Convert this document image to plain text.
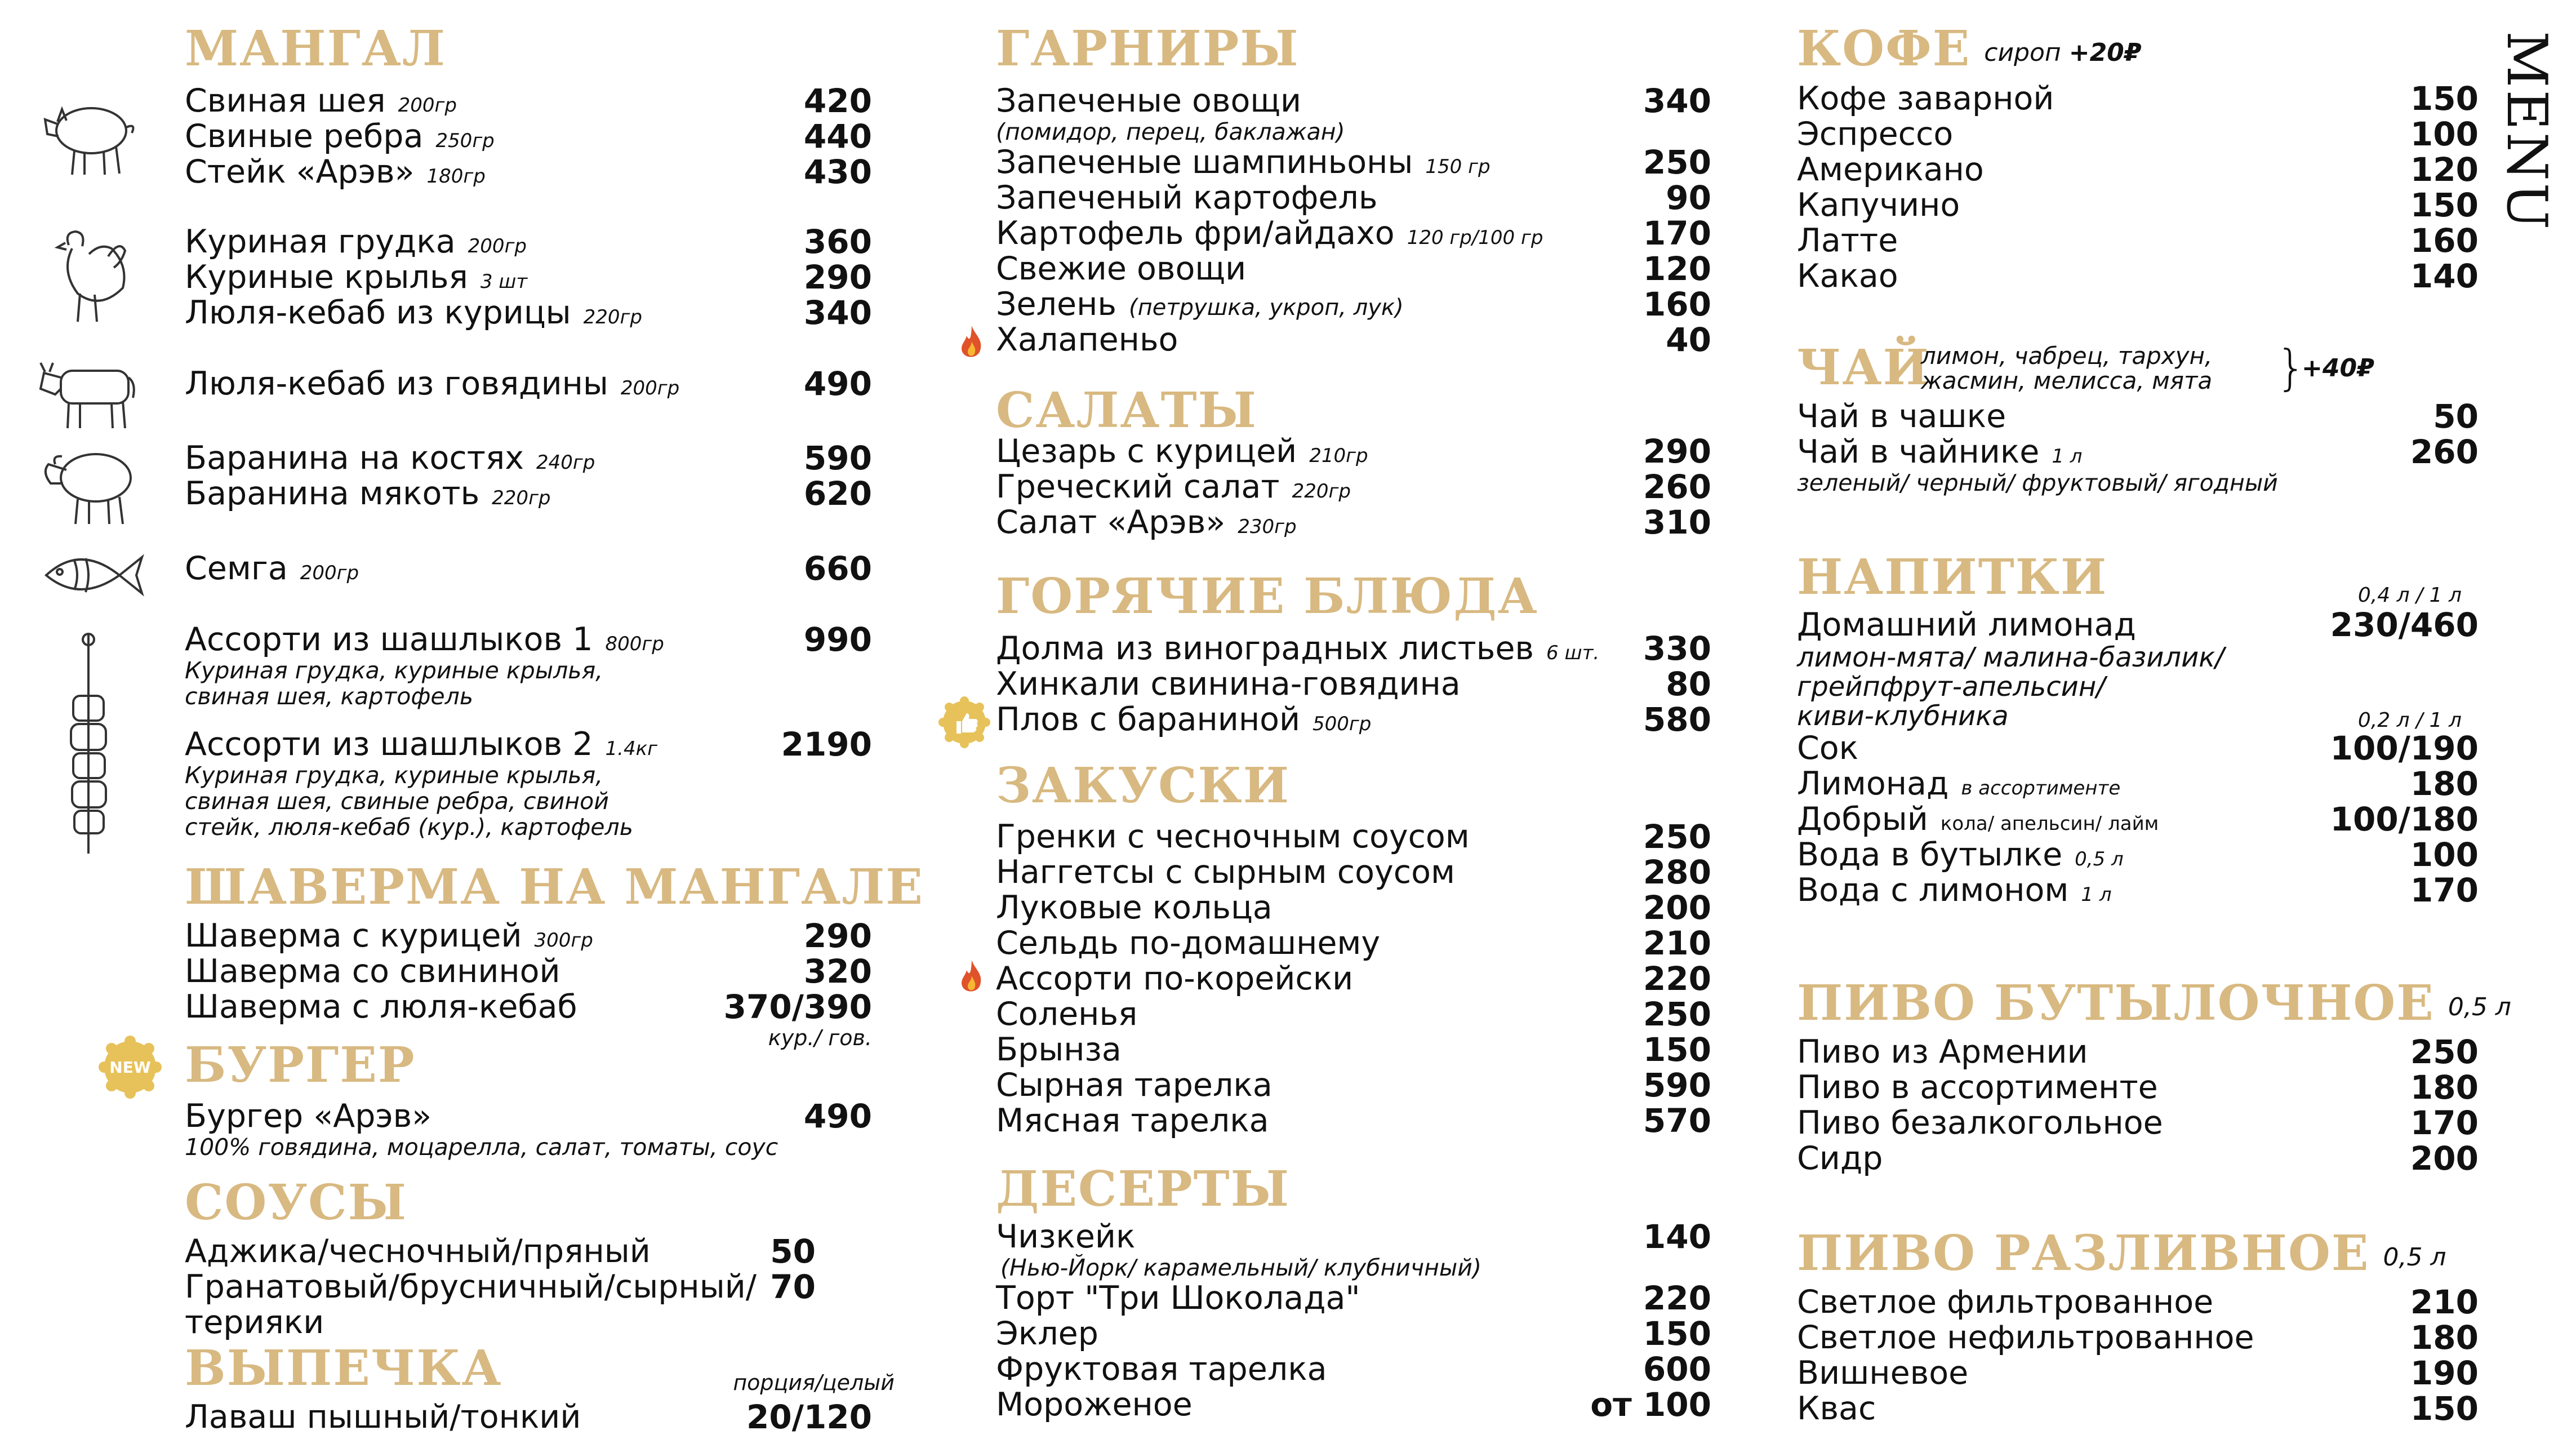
NEW
MENU
МАНГАЛ
Свиная шея 200гр	420
Свиные ребра 250гр	440
Стейк «Арэв» 180гр	430
Куриная грудка 200гр	360
Куриные крылья 3 шт	290
Люля-кебаб из курицы 220гр	340
Люля-кебаб из говядины 200гр	490
Баранина на костях 240гр	590
Баранина мякоть 220гр	620
Семга 200гр	660
Ассорти из шашлыков 1 800гр	990
Куриная грудка, куриные крылья,
свиная шея, картофель
Ассорти из шашлыков 2 1.4кг	2190
Куриная грудка, куриные крылья,
свиная шея, свиные ребра, свиной
стейк, люля-кебаб (кур.), картофель
ШАВЕРМА НА МАНГАЛЕ
Шаверма с курицей 300гр	290
Шаверма со свининой	320
Шаверма с люля-кебаб	370/390
кур./ гов.
БУРГЕР
Бургер «Арэв»	490
100% говядина, моцарелла, салат, томаты, соус
СОУСЫ
Аджика/чесночный/пряный	50
Гранатовый/брусничный/сырный/ 70
терияки
ВЫПЕЧКА	порция/целый
Лаваш пышный/тонкий	20/120
ГАРНИРЫ
Запеченые овощи	340
(помидор, перец, баклажан)
Запеченые шампиньоны 150 гр	250
Запеченый картофель	90
Картофель фри/айдахо 120 гр/100 гр	170
Свежие овощи	120
Зелень (петрушка, укроп, лук)	160
Халапеньо	40
САЛАТЫ
Цезарь с курицей 210гр	290
Греческий салат 220гр	260
Салат «Арэв» 230гр	310
ГОРЯЧИЕ БЛЮДА
Долма из виноградных листьев 6 шт. 330
Хинкали свинина-говядина	80
Плов с бараниной 500гр	580
ЗАКУСКИ
Гренки с чесночным соусом	250
Наггетсы с сырным соусом	280
Луковые кольца	200
Сельдь по-домашнему	210
Ассорти по-корейски	220
Соленья	250
Брынза	150
Сырная тарелка	590
Мясная тарелка	570
ДЕСЕРТЫ
Чизкейк	140
(Нью-Йорк/ карамельный/ клубничный)
Торт "Три Шоколада"	220
Эклер	150
Фруктовая тарелка	600
Мороженое	от 100
КОФЕ сироп +20₽
Кофе заварной	150
Эспрессо	100
Американо	120
Капучино	150
Латте	160
Какао	140
ЧАЙ
лимон, чабрец, тархун,
жасмин, мелисса, мята }
+40₽
Чай в чашке	50
Чай в чайнике 1 л	260
зеленый/ черный/ фруктовый/ ягодный
НАПИТКИ	0,4 л / 1 л
Домашний лимонад	230/460
лимон-мята/ малина-базилик/
грейпфрут-апельсин/
киви-клубника	0,2 л / 1 л
Сок	100/190
Лимонад в ассортименте	180
Добрый кола/ апельсин/ лайм	100/180
Вода в бутылке 0,5 л	100
Вода с лимоном 1 л	170
ПИВО БУТЫЛОЧНОЕ 0,5 л
Пиво из Армении	250
Пиво в ассортименте	180
Пиво безалкогольное	170
Сидр	200
ПИВО РАЗЛИВНОЕ 0,5 л
Светлое фильтрованное	210
Светлое нефильтрованное	180
Вишневое	190
Квас	150
